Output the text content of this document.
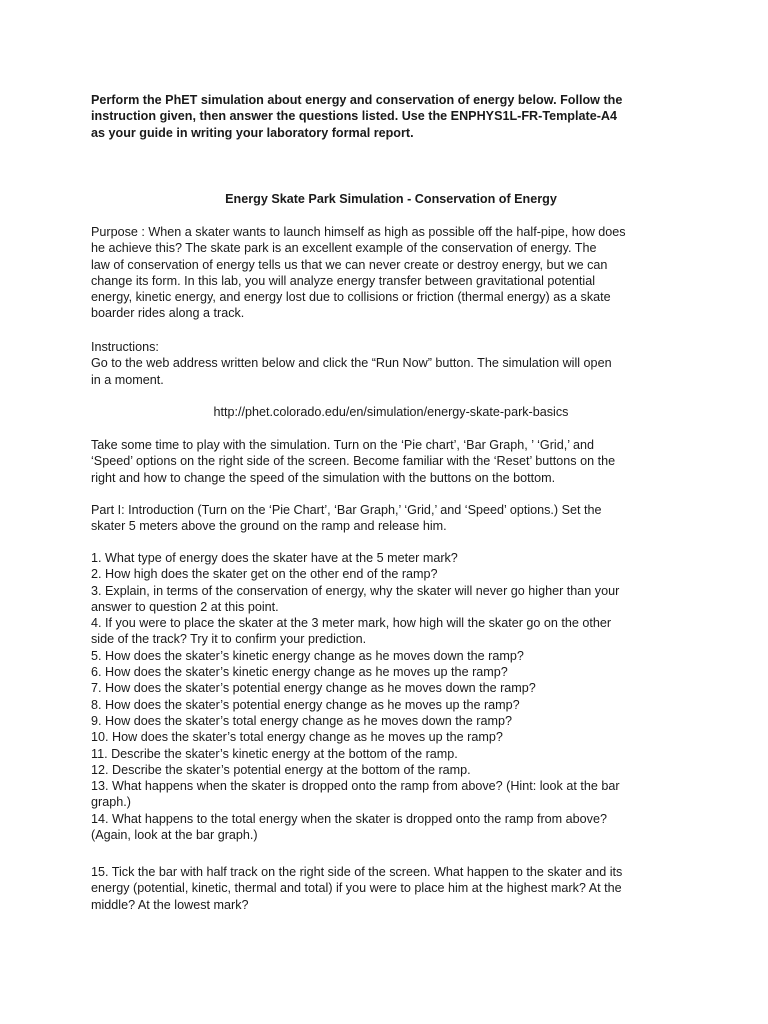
Perform the PhET simulation about energy and conservation of energy below. Follow the

instruction given, then answer the questions listed. Use the ENPHYS1L-FR-Template-A4

as your guide in writing your laboratory formal report.

Energy Skate Park Simulation - Conservation of Energy

Purpose : When a skater wants to launch himself as high as possible off the half-pipe, how does

he achieve this? The skate park is an excellent example of the conservation of energy. The

law of conservation of energy tells us that we can never create or destroy energy, but we can

change its form. In this lab, you will analyze energy transfer between gravitational potential

energy, kinetic energy, and energy lost due to collisions or friction (thermal energy) as a skate

boarder rides along a track.

Instructions:

Go to the web address written below and click the “Run Now” button. The simulation will open

in a moment.

http://phet.colorado.edu/en/simulation/energy-skate-park-basics

Take some time to play with the simulation. Turn on the ‘Pie chart’, ‘Bar Graph, ’ ‘Grid,’ and

‘Speed’ options on the right side of the screen. Become familiar with the ‘Reset’ buttons on the

right and how to change the speed of the simulation with the buttons on the bottom.

Part I: Introduction (Turn on the ‘Pie Chart’, ‘Bar Graph,’ ‘Grid,’ and ‘Speed’ options.) Set the

skater 5 meters above the ground on the ramp and release him.

1. What type of energy does the skater have at the 5 meter mark?

2. How high does the skater get on the other end of the ramp?

3. Explain, in terms of the conservation of energy, why the skater will never go higher than your

answer to question 2 at this point.

4. If you were to place the skater at the 3 meter mark, how high will the skater go on the other

side of the track? Try it to confirm your prediction.

5. How does the skater’s kinetic energy change as he moves down the ramp?

6. How does the skater’s kinetic energy change as he moves up the ramp?

7. How does the skater’s potential energy change as he moves down the ramp?

8. How does the skater’s potential energy change as he moves up the ramp?

9. How does the skater’s total energy change as he moves down the ramp?

10. How does the skater’s total energy change as he moves up the ramp?

11. Describe the skater’s kinetic energy at the bottom of the ramp.

12. Describe the skater’s potential energy at the bottom of the ramp.

13. What happens when the skater is dropped onto the ramp from above? (Hint: look at the bar

graph.)

14. What happens to the total energy when the skater is dropped onto the ramp from above?

(Again, look at the bar graph.)

15. Tick the bar with half track on the right side of the screen. What happen to the skater and its

energy (potential, kinetic, thermal and total) if you were to place him at the highest mark? At the

middle? At the lowest mark?
